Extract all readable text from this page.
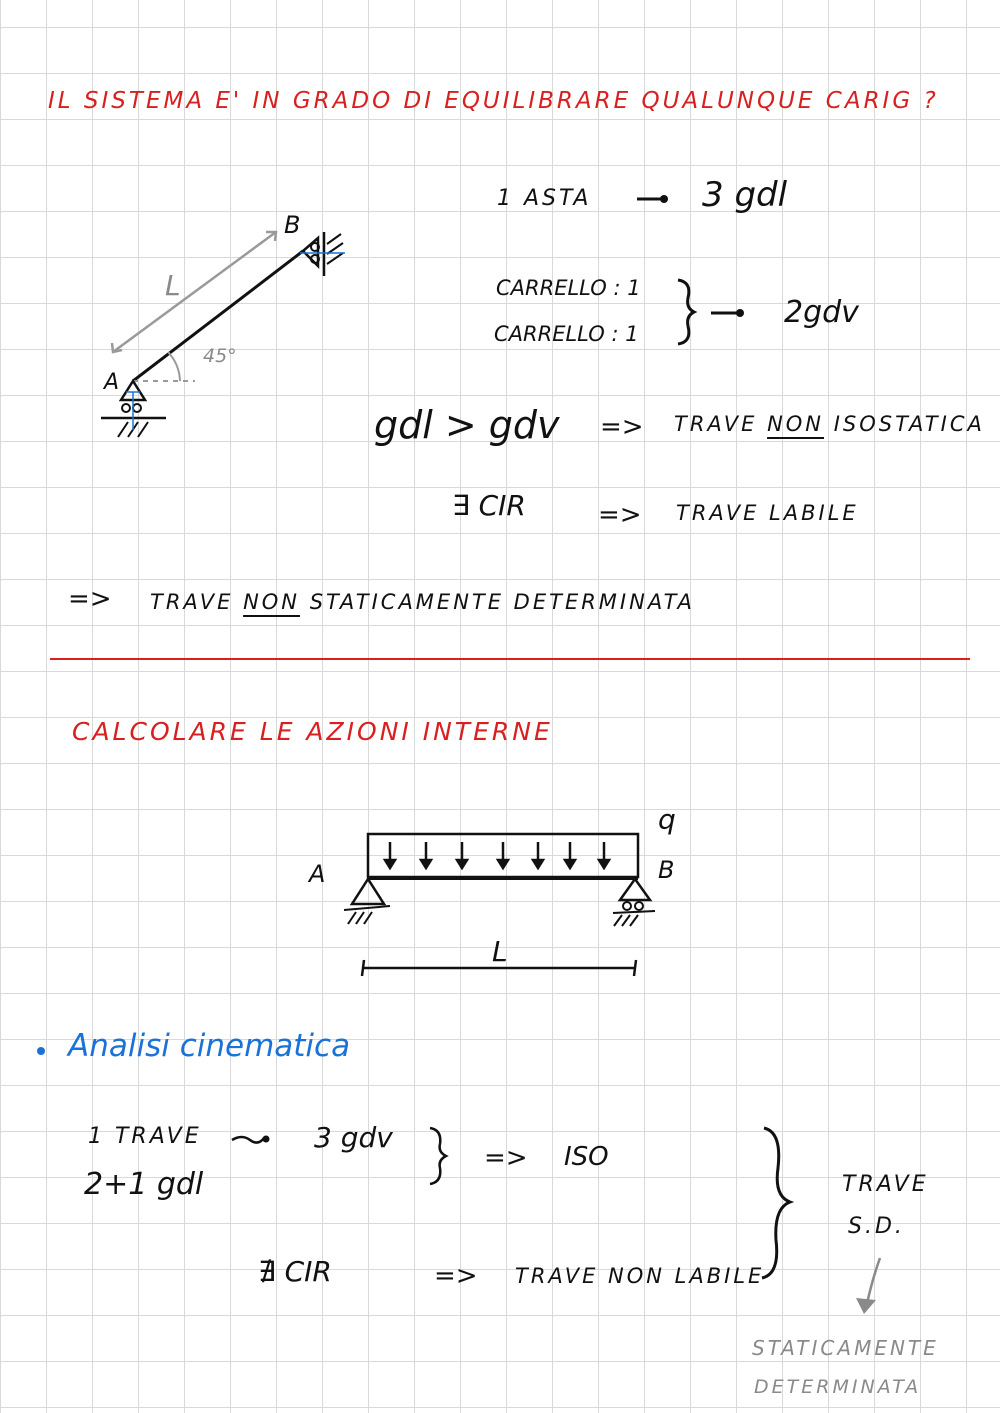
IL SISTEMA E' IN GRADO DI EQUILIBRARE QUALUNQUE CARIG ?
B
L
45°
A
1 ASTA	3 gdl
CARRELLO : 1
CARRELLO : 1
2gdv
gdl > gdv => TRAVE NON ISOSTATICA
∃ CIR	=> TRAVE LABILE
=> TRAVE NON STATICAMENTE DETERMINATA
CALCOLARE LE AZIONI INTERNE
q
A	B
L
Analisi cinematica
1 TRAVE	3 gdv
2+1 gdl
=> ISO
∄ CIR	=> TRAVE NON LABILE
TRAVE
S.D.
STATICAMENTE
DETERMINATA
